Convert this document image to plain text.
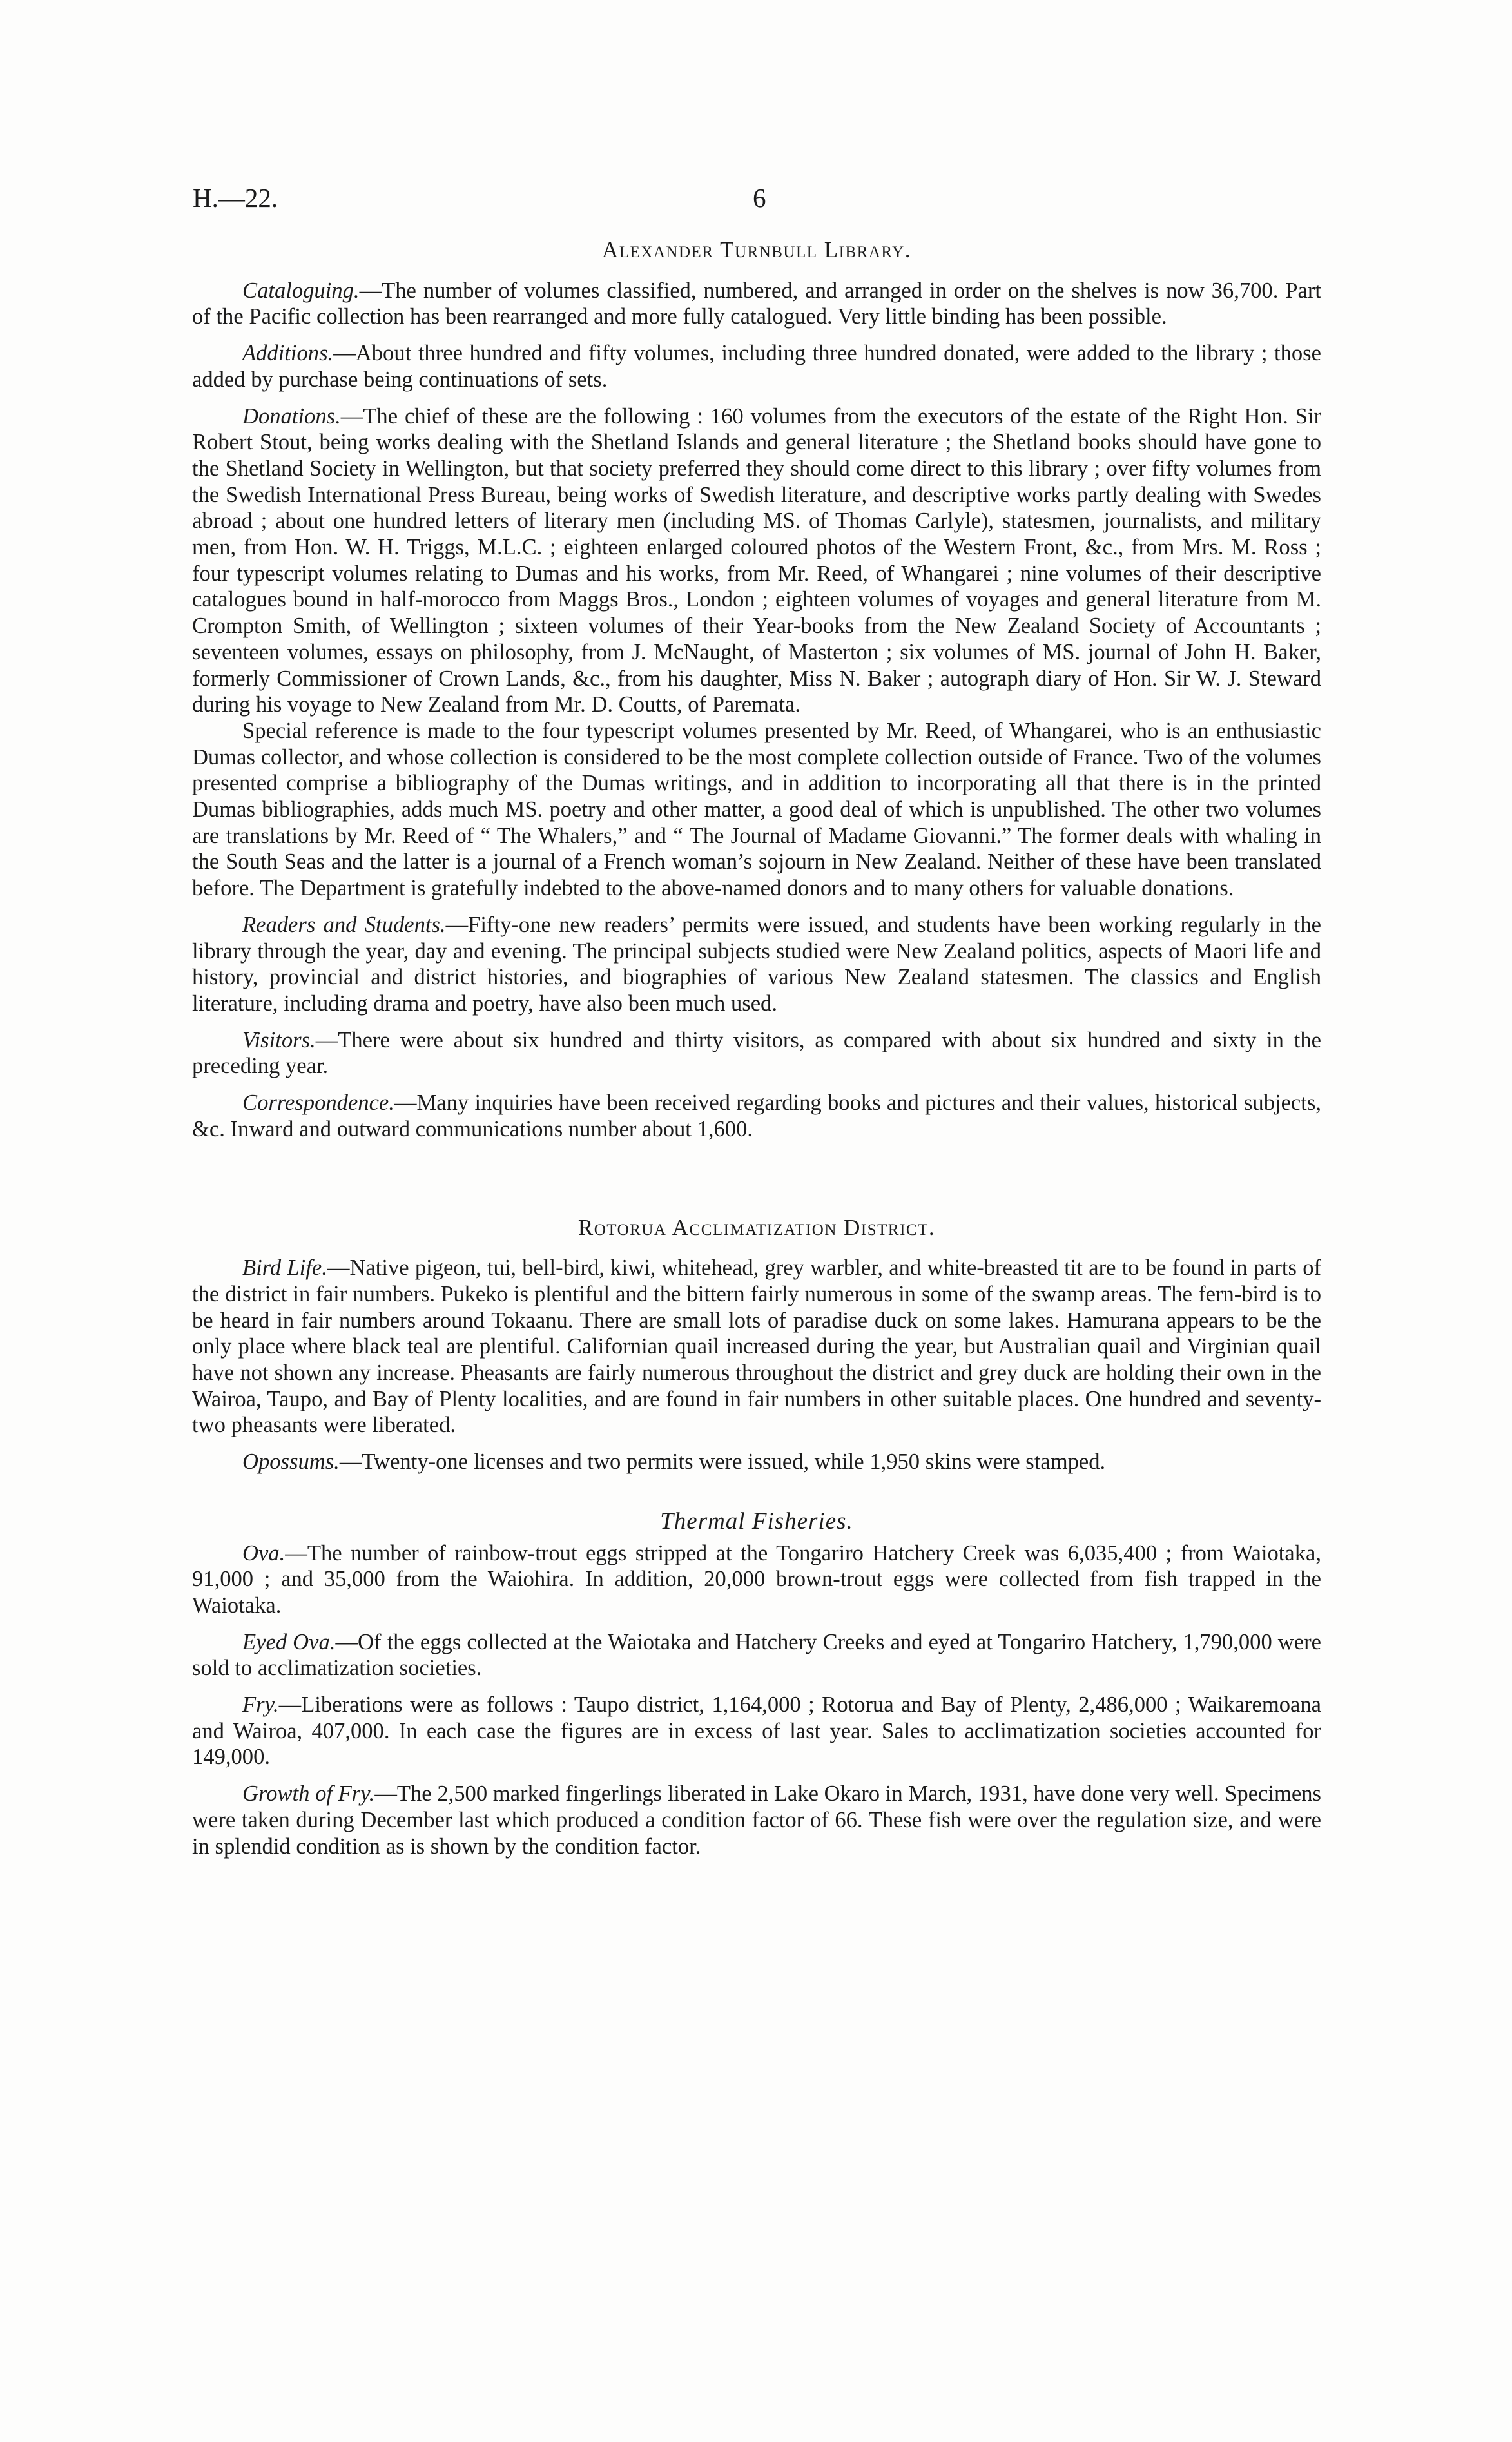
H.—22.	6
Alexander Turnbull Library.

Cataloguing.—The number of volumes classified, numbered, and arranged in order on the shelves is now 36,700. Part of the Pacific collection has been rearranged and more fully catalogued. Very little binding has been possible.

Additions.—About three hundred and fifty volumes, including three hundred donated, were added to the library ; those added by purchase being continuations of sets.

Donations.—The chief of these are the following : 160 volumes from the executors of the estate of the Right Hon. Sir Robert Stout, being works dealing with the Shetland Islands and general literature ; the Shetland books should have gone to the Shetland Society in Wellington, but that society preferred they should come direct to this library ; over fifty volumes from the Swedish International Press Bureau, being works of Swedish literature, and descriptive works partly dealing with Swedes abroad ; about one hundred letters of literary men (including MS. of Thomas Carlyle), statesmen, journalists, and military men, from Hon. W. H. Triggs, M.L.C. ; eighteen enlarged coloured photos of the Western Front, &c., from Mrs. M. Ross ; four typescript volumes relating to Dumas and his works, from Mr. Reed, of Whangarei ; nine volumes of their descriptive catalogues bound in half-morocco from Maggs Bros., London ; eighteen volumes of voyages and general literature from M. Crompton Smith, of Wellington ; sixteen volumes of their Year-books from the New Zealand Society of Accountants ; seventeen volumes, essays on philosophy, from J. McNaught, of Masterton ; six volumes of MS. journal of John H. Baker, formerly Commissioner of Crown Lands, &c., from his daughter, Miss N. Baker ; autograph diary of Hon. Sir W. J. Steward during his voyage to New Zealand from Mr. D. Coutts, of Paremata.

Special reference is made to the four typescript volumes presented by Mr. Reed, of Whangarei, who is an enthusiastic Dumas collector, and whose collection is considered to be the most complete collection outside of France. Two of the volumes presented comprise a bibliography of the Dumas writings, and in addition to incorporating all that there is in the printed Dumas bibliographies, adds much MS. poetry and other matter, a good deal of which is unpublished. The other two volumes are translations by Mr. Reed of “ The Whalers,” and “ The Journal of Madame Giovanni.” The former deals with whaling in the South Seas and the latter is a journal of a French woman’s sojourn in New Zealand. Neither of these have been translated before. The Department is gratefully indebted to the above-named donors and to many others for valuable donations.

Readers and Students.—Fifty-one new readers’ permits were issued, and students have been working regularly in the library through the year, day and evening. The principal subjects studied were New Zealand politics, aspects of Maori life and history, provincial and district histories, and biographies of various New Zealand statesmen. The classics and English literature, including drama and poetry, have also been much used.

Visitors.—There were about six hundred and thirty visitors, as compared with about six hundred and sixty in the preceding year.

Correspondence.—Many inquiries have been received regarding books and pictures and their values, historical subjects, &c. Inward and outward communications number about 1,600.

Rotorua Acclimatization District.

Bird Life.—Native pigeon, tui, bell-bird, kiwi, whitehead, grey warbler, and white-breasted tit are to be found in parts of the district in fair numbers. Pukeko is plentiful and the bittern fairly numerous in some of the swamp areas. The fern-bird is to be heard in fair numbers around Tokaanu. There are small lots of paradise duck on some lakes. Hamurana appears to be the only place where black teal are plentiful. Californian quail increased during the year, but Australian quail and Virginian quail have not shown any increase. Pheasants are fairly numerous throughout the district and grey duck are holding their own in the Wairoa, Taupo, and Bay of Plenty localities, and are found in fair numbers in other suitable places. One hundred and seventy-two pheasants were liberated.

Opossums.—Twenty-one licenses and two permits were issued, while 1,950 skins were stamped.

Thermal Fisheries.

Ova.—The number of rainbow-trout eggs stripped at the Tongariro Hatchery Creek was 6,035,400 ; from Waiotaka, 91,000 ; and 35,000 from the Waiohira. In addition, 20,000 brown-trout eggs were collected from fish trapped in the Waiotaka.

Eyed Ova.—Of the eggs collected at the Waiotaka and Hatchery Creeks and eyed at Tongariro Hatchery, 1,790,000 were sold to acclimatization societies.

Fry.—Liberations were as follows : Taupo district, 1,164,000 ; Rotorua and Bay of Plenty, 2,486,000 ; Waikaremoana and Wairoa, 407,000. In each case the figures are in excess of last year. Sales to acclimatization societies accounted for 149,000.

Growth of Fry.—The 2,500 marked fingerlings liberated in Lake Okaro in March, 1931, have done very well. Specimens were taken during December last which produced a condition factor of 66. These fish were over the regulation size, and were in splendid condition as is shown by the condition factor.
